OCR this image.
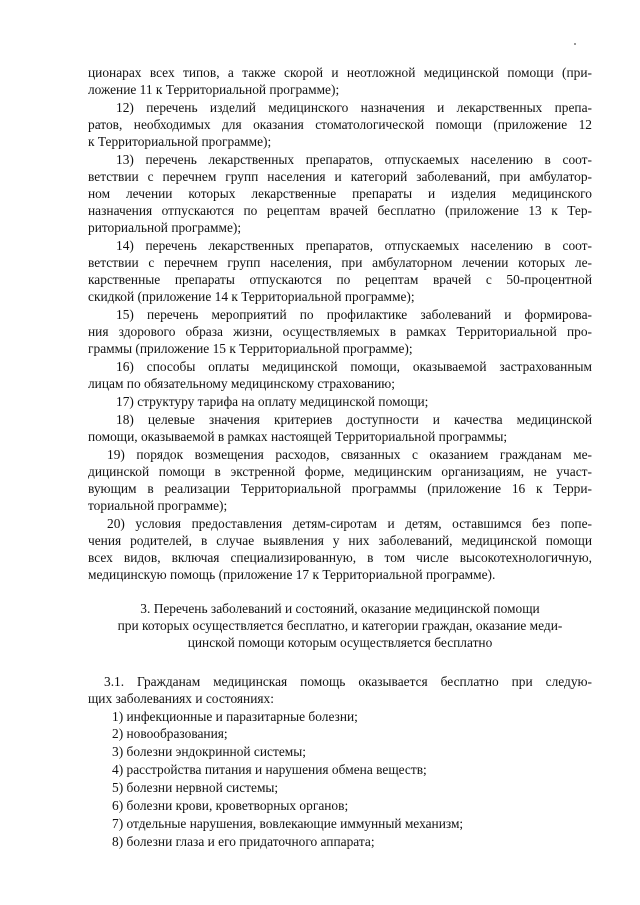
ционарах всех типов, а также скорой и неотложной медицинской помощи (при-
ложение 11 к Территориальной программе);
12) перечень изделий медицинского назначения и лекарственных препа-
ратов, необходимых для оказания стоматологической помощи (приложение 12
к Территориальной программе);
13) перечень лекарственных препаратов, отпускаемых населению в соот-
ветствии с перечнем групп населения и категорий заболеваний, при амбулатор-
ном лечении которых лекарственные препараты и изделия медицинского
назначения отпускаются по рецептам врачей бесплатно (приложение 13 к Тер-
риториальной программе);
14) перечень лекарственных препаратов, отпускаемых населению в соот-
ветствии с перечнем групп населения, при амбулаторном лечении которых ле-
карственные препараты отпускаются по рецептам врачей с 50-процентной
скидкой (приложение 14 к Территориальной программе);
15) перечень мероприятий по профилактике заболеваний и формирова-
ния здорового образа жизни, осуществляемых в рамках Территориальной про-
граммы (приложение 15 к Территориальной программе);
16) способы оплаты медицинской помощи, оказываемой застрахованным
лицам по обязательному медицинскому страхованию;
17) структуру тарифа на оплату медицинской помощи;
18) целевые значения критериев доступности и качества медицинской
помощи, оказываемой в рамках настоящей Территориальной программы;
19) порядок возмещения расходов, связанных с оказанием гражданам ме-
дицинской помощи в экстренной форме, медицинским организациям, не участ-
вующим в реализации Территориальной программы (приложение 16 к Терри-
ториальной программе);
20) условия предоставления детям-сиротам и детям, оставшимся без попе-
чения родителей, в случае выявления у них заболеваний, медицинской помощи
всех видов, включая специализированную, в том числе высокотехнологичную,
медицинскую помощь (приложение 17 к Территориальной программе).
3. Перечень заболеваний и состояний, оказание медицинской помощи
при которых осуществляется бесплатно, и категории граждан, оказание меди-
цинской помощи которым осуществляется бесплатно
3.1. Гражданам медицинская помощь оказывается бесплатно при следую-
щих заболеваниях и состояниях:
1) инфекционные и паразитарные болезни;
2) новообразования;
3) болезни эндокринной системы;
4) расстройства питания и нарушения обмена веществ;
5) болезни нервной системы;
6) болезни крови, кроветворных органов;
7) отдельные нарушения, вовлекающие иммунный механизм;
8) болезни глаза и его придаточного аппарата;
